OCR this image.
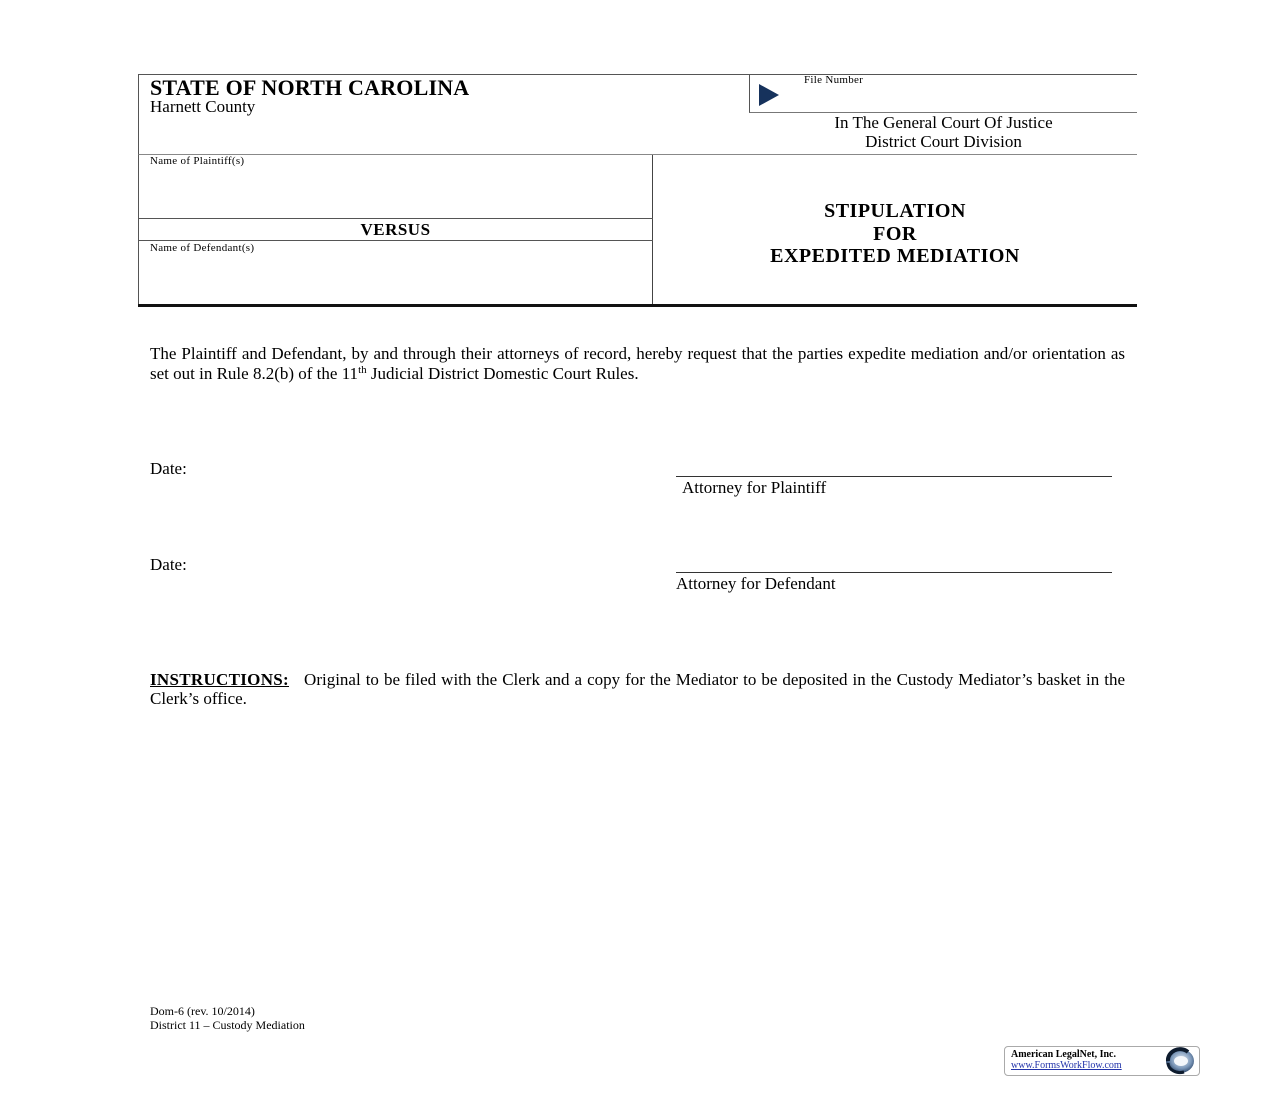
STATE OF NORTH CAROLINA
Harnett County
File Number
In The General Court Of Justice
District Court Division
Name of Plaintiff(s)
VERSUS
Name of Defendant(s)
STIPULATION
FOR
EXPEDITED MEDIATION
The Plaintiff and Defendant, by and through their attorneys of record, hereby request that the parties expedite mediation and/or orientation as set out in Rule 8.2(b) of the 11th Judicial District Domestic Court Rules.
Date:
Attorney for Plaintiff
Date:
Attorney for Defendant
INSTRUCTIONS: Original to be filed with the Clerk and a copy for the Mediator to be deposited in the Custody Mediator’s basket in the Clerk’s office.
Dom-6 (rev. 10/2014)
District 11 – Custody Mediation
American LegalNet, Inc.
www.FormsWorkFlow.com
